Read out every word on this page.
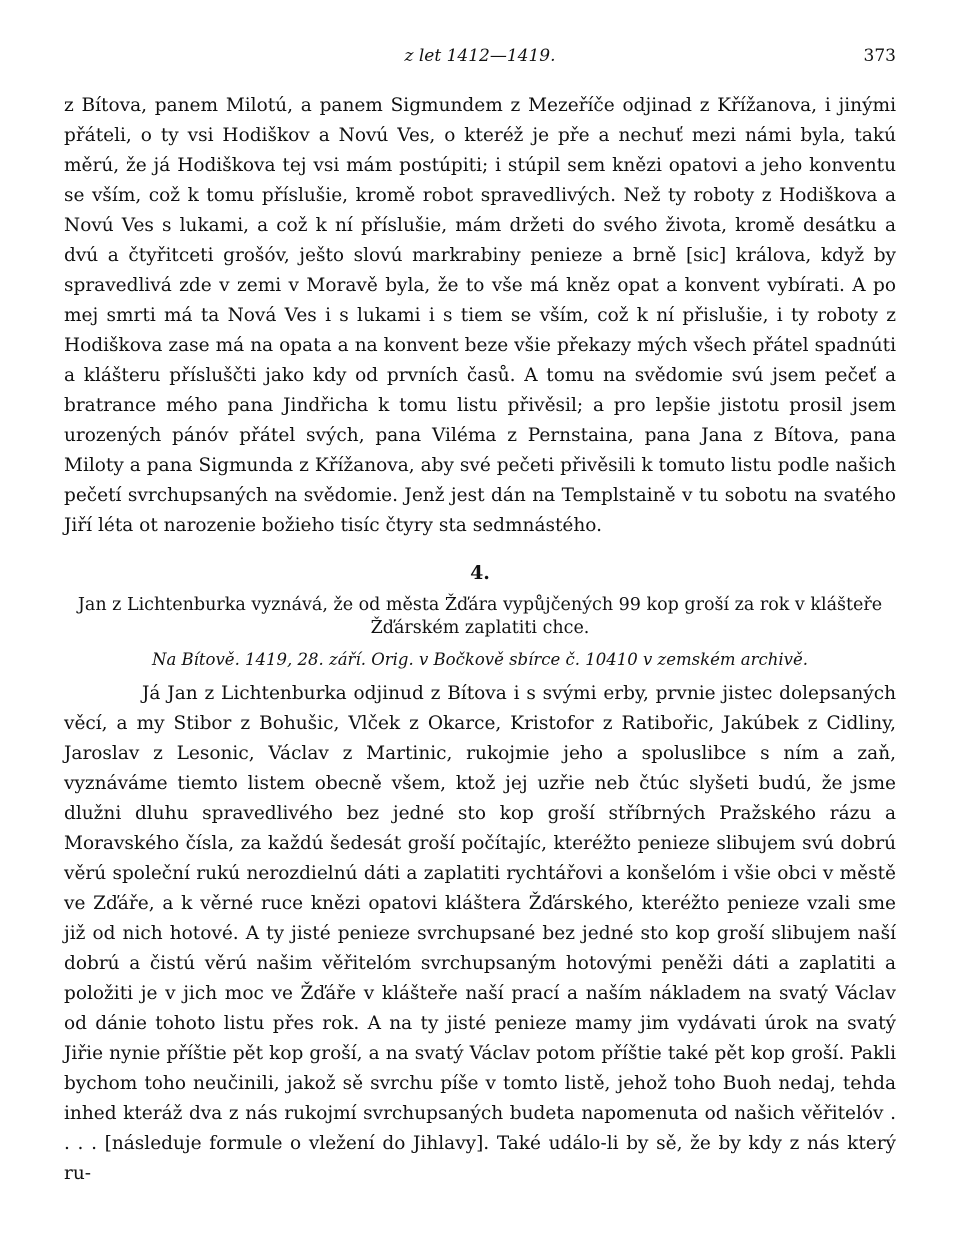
z let 1412—1419.	373

z Bítova, panem Milotú, a panem Sigmundem z Mezeříče odjinad z Křížanova, i jinými přáteli, o ty vsi Hodiškov a Novú Ves, o kteréž je pře a nechuť mezi námi byla, takú měrú, že já Hodiškova tej vsi mám postúpiti; i stúpil sem knězi opatovi a jeho konventu se vším, což k tomu příslušie, kromě robot spravedlivých. Než ty roboty z Hodiškova a Novú Ves s lukami, a což k ní příslušie, mám držeti do svého života, kromě desátku a dvú a čtyřitceti grošóv, ješto slovú markrabiny penieze a brně [sic] králova, když by spravedlivá zde v zemi v Moravě byla, že to vše má kněz opat a konvent vybírati. A po mej smrti má ta Nová Ves i s lukami i s tiem se vším, což k ní přislušie, i ty roboty z Hodiškova zase má na opata a na konvent beze všie překazy mých všech přátel spadnúti a klášteru přísluščti jako kdy od prvních časů. A tomu na svědomie svú jsem pečeť a bratrance mého pana Jindřicha k tomu listu přivěsil; a pro lepšie jistotu prosil jsem urozených pánóv přátel svých, pana Viléma z Pernstaina, pana Jana z Bítova, pana Miloty a pana Sigmunda z Křížanova, aby své pečeti přivěsili k tomuto listu podle našich pečetí svrchupsaných na svědomie. Jenž jest dán na Templstaině v tu sobotu na svatého Jiří léta ot narozenie božieho tisíc čtyry sta sedmnástého.

4.
Jan z Lichtenburka vyznává, že od města Žďára vypůjčených 99 kop groší za rok v klášteře Žďárském zaplatiti chce.
Na Bítově. 1419, 28. září. Orig. v Bočkově sbírce č. 10410 v zemském archivě.

Já Jan z Lichtenburka odjinud z Bítova i s svými erby, prvnie jistec dolepsaných věcí, a my Stibor z Bohušic, Vlček z Okarce, Kristofor z Ratibořic, Jakúbek z Cidliny, Jaroslav z Lesonic, Václav z Martinic, rukojmie jeho a spoluslibce s ním a zaň, vyznáváme tiemto listem obecně všem, ktož jej uzřie neb čtúc slyšeti budú, že jsme dlužni dluhu spravedlivého bez jedné sto kop groší stříbrných Pražského rázu a Moravského čísla, za každú šedesát groší počítajíc, kteréžto penieze slibujem svú dobrú věrú společní rukú nerozdielnú dáti a zaplatiti rychtářovi a konšelóm i všie obci v městě ve Zďáře, a k věrné ruce knězi opatovi kláštera Žďárského, kteréžto penieze vzali sme již od nich hotové. A ty jisté penieze svrchupsané bez jedné sto kop groší slibujem naší dobrú a čistú věrú našim věřitelóm svrchupsaným hotovými peněži dáti a zaplatiti a položiti je v jich moc ve Žďáře v klášteře naší prací a naším nákladem na svatý Václav od dánie tohoto listu přes rok. A na ty jisté penieze mamy jim vydávati úrok na svatý Jiřie nynie příštie pět kop groší, a na svatý Václav potom příštie také pět kop groší. Pakli bychom toho neučinili, jakož sě svrchu píše v tomto listě, jehož toho Buoh nedaj, tehda inhed kteráž dva z nás rukojmí svrchupsaných budeta napomenuta od našich věřitelóv . . . . [následuje formule o vležení do Jihlavy]. Také událo-li by sě, že by kdy z nás který ru-
